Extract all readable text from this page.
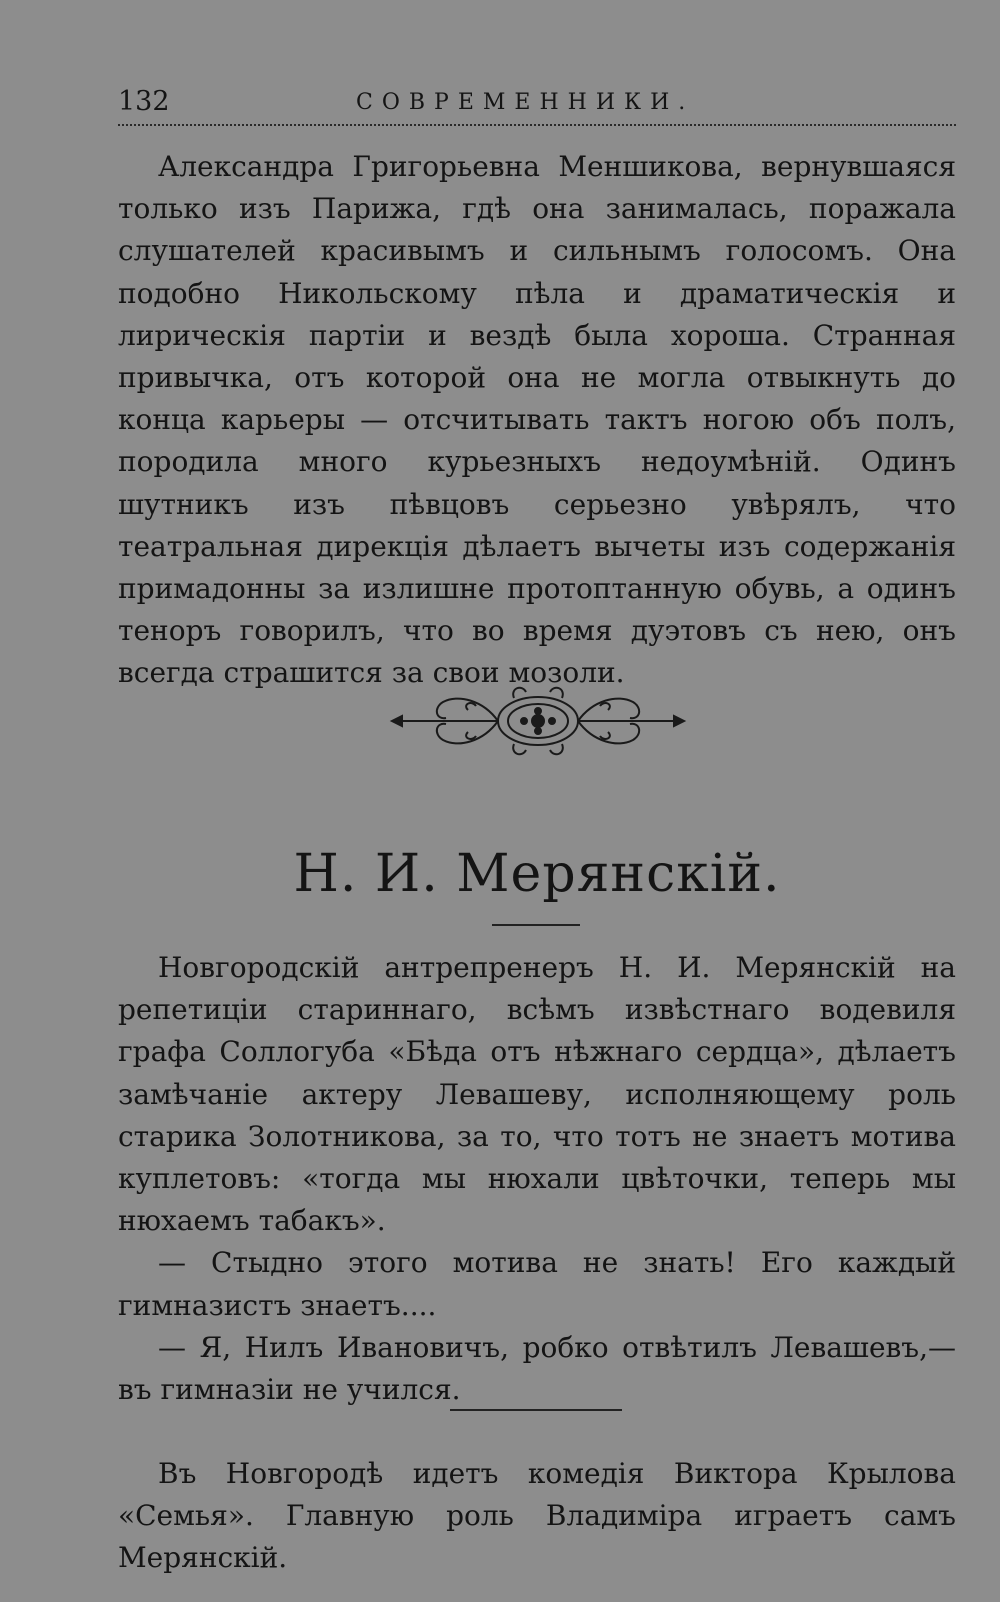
132	СОВРЕМЕННИКИ.

Александра Григорьевна Меншикова, вернувшаяся только изъ Парижа, гдѣ она занималась, поражала слушателей красивымъ и сильнымъ голосомъ. Она подобно Никольскому пѣла и драматическія и лирическія партіи и вездѣ была хороша. Странная привычка, отъ которой она не могла отвыкнуть до конца карьеры — отсчитывать тактъ ногою объ полъ, породила много курьезныхъ недоумѣній. Одинъ шутникъ изъ пѣвцовъ серьезно увѣрялъ, что театральная дирекція дѣлаетъ вычеты изъ содержанія примадонны за излишне протоптанную обувь, а одинъ теноръ говорилъ, что во время дуэтовъ съ нею, онъ всегда страшится за свои мозоли.

Н. И. Мерянскій.

Новгородскій антрепренеръ Н. И. Мерянскій на репетиціи стариннаго, всѣмъ извѣстнаго водевиля графа Соллогуба «Бѣда отъ нѣжнаго сердца», дѣлаетъ замѣчаніе актеру Левашеву, исполняющему роль старика Золотникова, за то, что тотъ не знаетъ мотива куплетовъ: «тогда мы нюхали цвѣточки, теперь мы нюхаемъ табакъ».

— Стыдно этого мотива не знать! Его каждый гимназистъ знаетъ....

— Я, Нилъ Ивановичъ, робко отвѣтилъ Левашевъ,— въ гимназіи не учился.

Въ Новгородѣ идетъ комедія Виктора Крылова «Семья». Главную роль Владиміра играетъ самъ Мерянскій.
